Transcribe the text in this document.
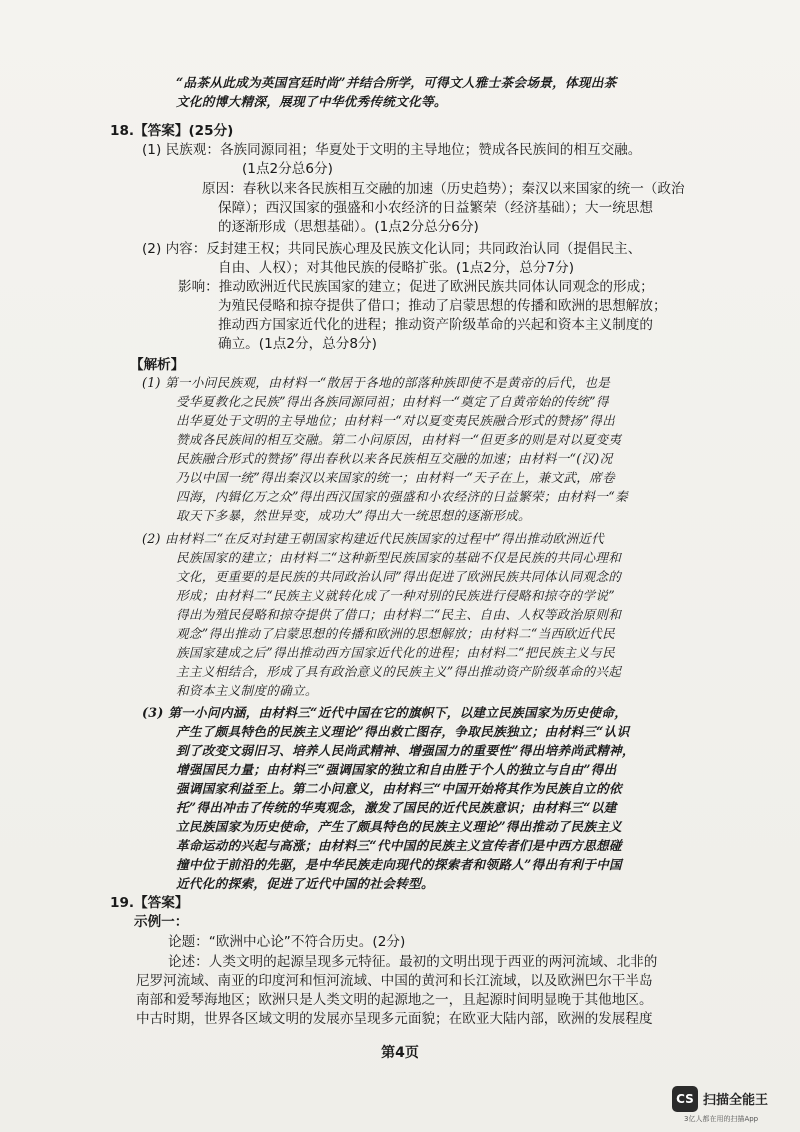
“品茶从此成为英国宫廷时尚”并结合所学，可得文人雅士茶会场景，体现出茶
文化的博大精深，展现了中华优秀传统文化等。
18.【答案】(25分)
(1) 民族观：各族同源同祖；华夏处于文明的主导地位；赞成各民族间的相互交融。
(1点2分总6分)
原因：春秋以来各民族相互交融的加速（历史趋势）；秦汉以来国家的统一（政治
保障）；西汉国家的强盛和小农经济的日益繁荣（经济基础）；大一统思想
的逐渐形成（思想基础）。(1点2分总分6分)
(2) 内容：反封建王权；共同民族心理及民族文化认同；共同政治认同（提倡民主、
自由、人权）；对其他民族的侵略扩张。(1点2分，总分7分)
影响：推动欧洲近代民族国家的建立；促进了欧洲民族共同体认同观念的形成；
为殖民侵略和掠夺提供了借口；推动了启蒙思想的传播和欧洲的思想解放；
推动西方国家近代化的进程；推动资产阶级革命的兴起和资本主义制度的
确立。(1点2分，总分8分)
【解析】
(1) 第一小问民族观，由材料一“散居于各地的部落种族即使不是黄帝的后代，也是
受华夏教化之民族”得出各族同源同祖；由材料一“奠定了自黄帝始的传统”得
出华夏处于文明的主导地位；由材料一“对以夏变夷民族融合形式的赞扬”得出
赞成各民族间的相互交融。第二小问原因，由材料一“但更多的则是对以夏变夷
民族融合形式的赞扬”得出春秋以来各民族相互交融的加速；由材料一“(汉)况
乃以中国一统”得出秦汉以来国家的统一；由材料一“天子在上，兼文武，席卷
四海，内辑亿万之众”得出西汉国家的强盛和小农经济的日益繁荣；由材料一“秦
取天下多暴，然世异变，成功大”得出大一统思想的逐渐形成。
(2) 由材料二“在反对封建王朝国家构建近代民族国家的过程中”得出推动欧洲近代
民族国家的建立；由材料二“这种新型民族国家的基础不仅是民族的共同心理和
文化，更重要的是民族的共同政治认同”得出促进了欧洲民族共同体认同观念的
形成；由材料二“民族主义就转化成了一种对别的民族进行侵略和掠夺的学说”
得出为殖民侵略和掠夺提供了借口；由材料二“民主、自由、人权等政治原则和
观念”得出推动了启蒙思想的传播和欧洲的思想解放；由材料二“当西欧近代民
族国家建成之后”得出推动西方国家近代化的进程；由材料二“把民族主义与民
主主义相结合，形成了具有政治意义的民族主义”得出推动资产阶级革命的兴起
和资本主义制度的确立。
(3) 第一小问内涵，由材料三“近代中国在它的旗帜下，以建立民族国家为历史使命，
产生了颇具特色的民族主义理论”得出救亡图存，争取民族独立；由材料三“认识
到了改变文弱旧习、培养人民尚武精神、增强国力的重要性”得出培养尚武精神，
增强国民力量；由材料三“强调国家的独立和自由胜于个人的独立与自由”得出
强调国家利益至上。第二小问意义，由材料三“中国开始将其作为民族自立的依
托”得出冲击了传统的华夷观念，激发了国民的近代民族意识；由材料三“以建
立民族国家为历史使命，产生了颇具特色的民族主义理论”得出推动了民族主义
革命运动的兴起与高涨；由材料三“代中国的民族主义宣传者们是中西方思想碰
撞中位于前沿的先驱，是中华民族走向现代的探索者和领路人”得出有利于中国
近代化的探索，促进了近代中国的社会转型。
19.【答案】
示例一：
论题：“欧洲中心论”不符合历史。(2分)
论述：人类文明的起源呈现多元特征。最初的文明出现于西亚的两河流域、北非的
尼罗河流域、南亚的印度河和恒河流域、中国的黄河和长江流域，以及欧洲巴尔干半岛
南部和爱琴海地区；欧洲只是人类文明的起源地之一，且起源时间明显晚于其他地区。
中古时期，世界各区域文明的发展亦呈现多元面貌；在欧亚大陆内部，欧洲的发展程度
第4页
CS 扫描全能王
3亿人都在用的扫描App
